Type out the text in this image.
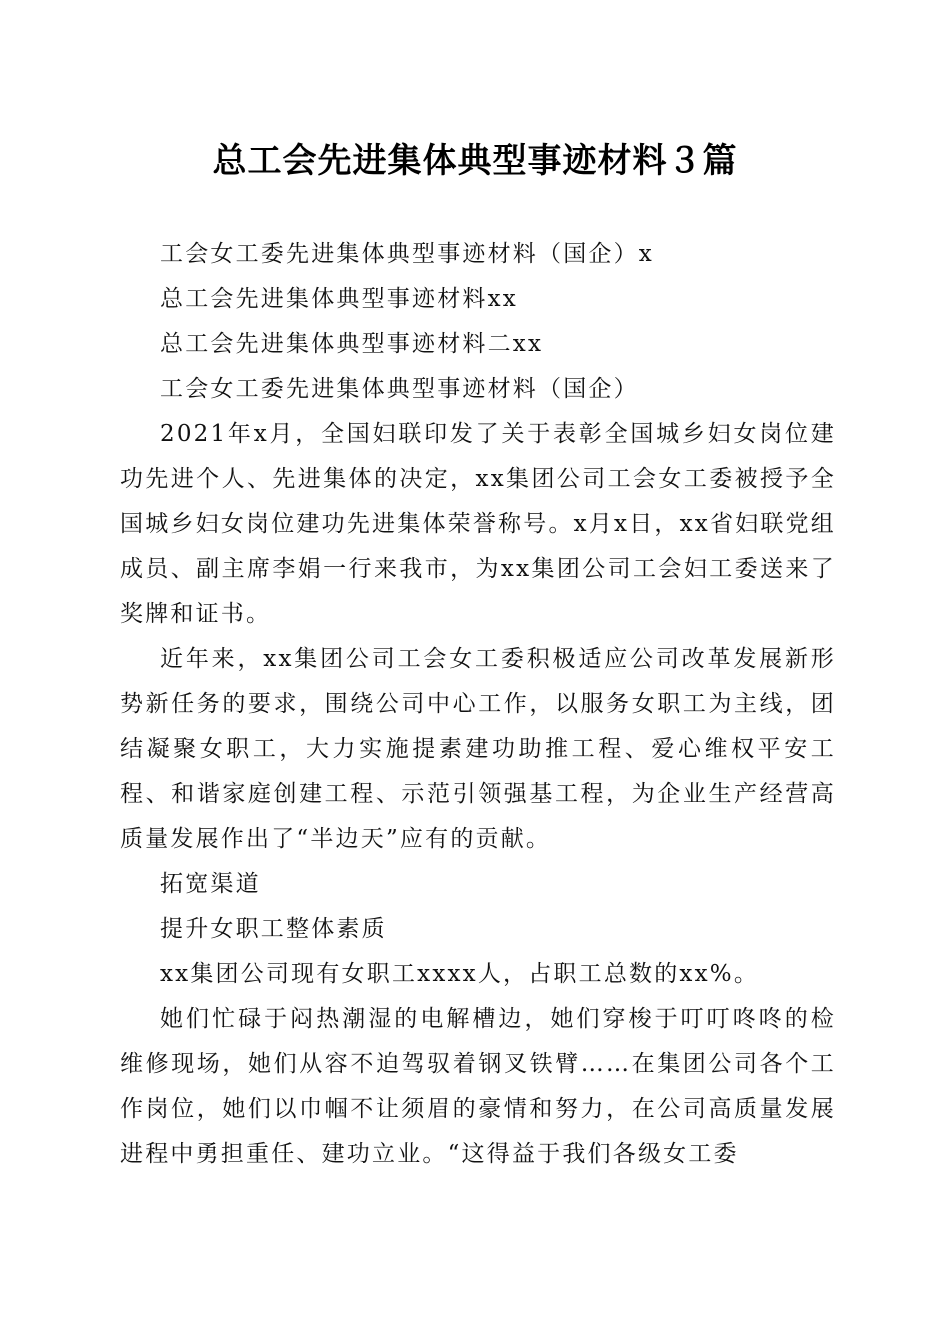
总工会先进集体典型事迹材料３篇

工会女工委先进集体典型事迹材料（国企）x

总工会先进集体典型事迹材料xx

总工会先进集体典型事迹材料二xx

工会女工委先进集体典型事迹材料（国企）

2021年x月，全国妇联印发了关于表彰全国城乡妇女岗位建功先进个人、先进集体的决定，xx集团公司工会女工委被授予全国城乡妇女岗位建功先进集体荣誉称号。x月x日，xx省妇联党组成员、副主席李娟一行来我市，为xx集团公司工会妇工委送来了奖牌和证书。

近年来，xx集团公司工会女工委积极适应公司改革发展新形势新任务的要求，围绕公司中心工作，以服务女职工为主线，团结凝聚女职工，大力实施提素建功助推工程、爱心维权平安工程、和谐家庭创建工程、示范引领强基工程，为企业生产经营高质量发展作出了“半边天”应有的贡献。

拓宽渠道

提升女职工整体素质

xx集团公司现有女职工xxxx人，占职工总数的xx%。

她们忙碌于闷热潮湿的电解槽边，她们穿梭于叮叮咚咚的检维修现场，她们从容不迫驾驭着钢叉铁臂……在集团公司各个工作岗位，她们以巾帼不让须眉的豪情和努力，在公司高质量发展进程中勇担重任、建功立业。“这得益于我们各级女工委
